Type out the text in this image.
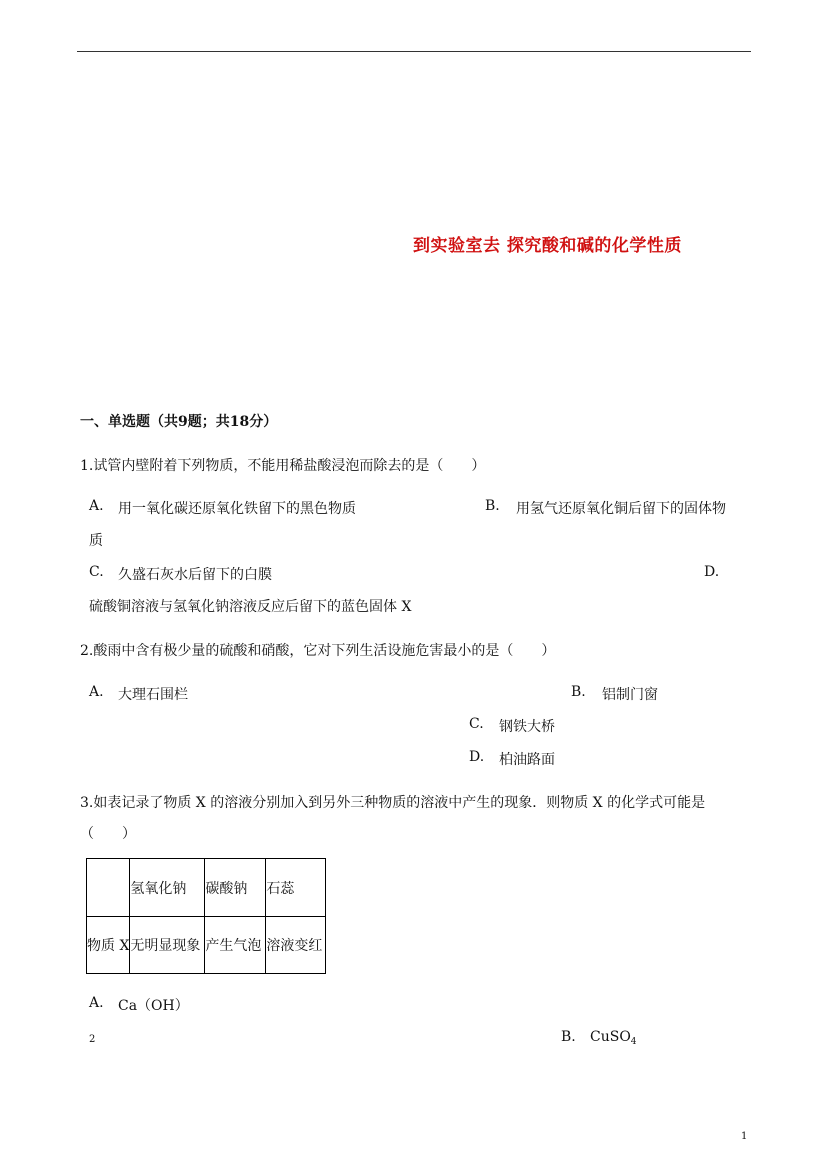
到实验室去 探究酸和碱的化学性质
一、单选题（共9题；共18分）
1.试管内壁附着下列物质，不能用稀盐酸浸泡而除去的是（　　）
A. 用一氧化碳还原氧化铁留下的黑色物质	B. 用氢气还原氧化铜后留下的固体物
质
C. 久盛石灰水后留下的白膜	D.
硫酸铜溶液与氢氧化钠溶液反应后留下的蓝色固体 X
2.酸雨中含有极少量的硫酸和硝酸，它对下列生活设施危害最小的是（　　）
A. 大理石围栏	B. 铝制门窗
C. 钢铁大桥
D. 柏油路面
3.如表记录了物质 X 的溶液分别加入到另外三种物质的溶液中产生的现象．则物质 X 的化学式可能是
（　　）
	氢氧化钠	碳酸钠	石蕊
物质 X	无明显现象	产生气泡	溶液变红
A. Ca（OH）
2	B. CuSO$_4$
1
